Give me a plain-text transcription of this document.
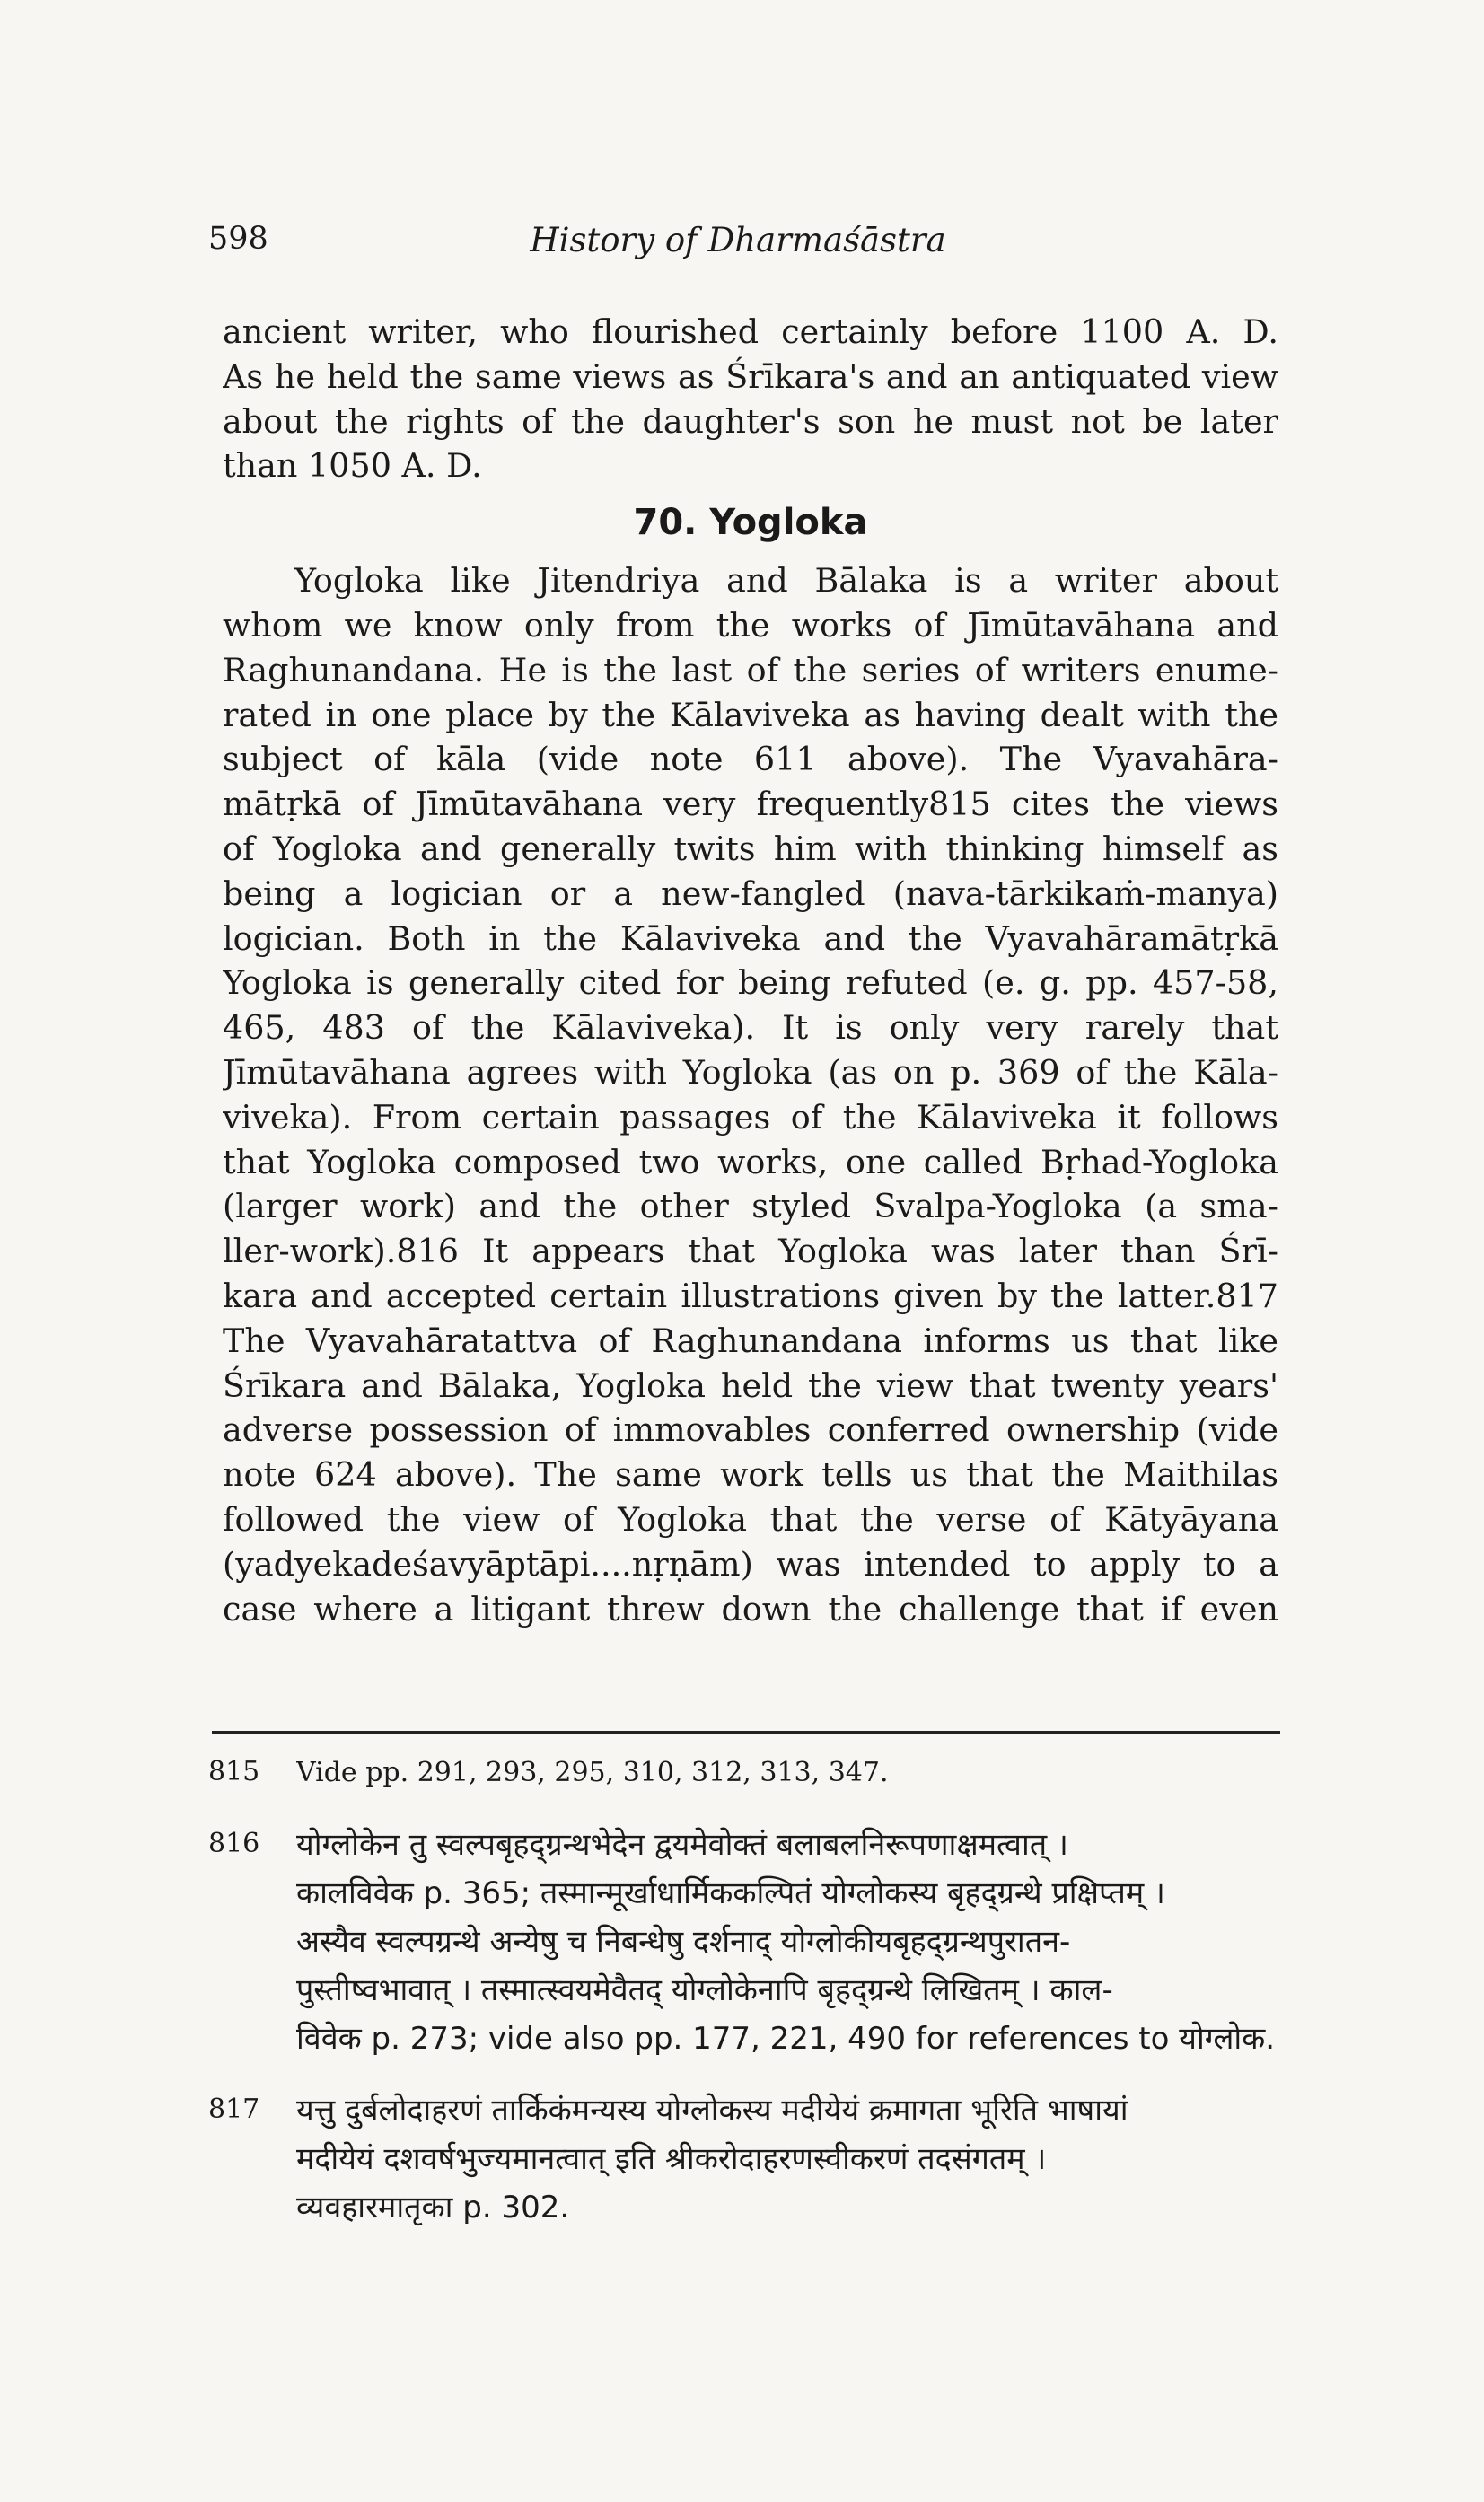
598	History of Dharmaśāstra
ancient writer, who flourished certainly before 1100 A. D.
As he held the same views as Śrīkara's and an antiquated view
about the rights of the daughter's son he must not be later
than 1050 A. D.
70. Yogloka
Yogloka like Jitendriya and Bālaka is a writer about
whom we know only from the works of Jīmūtavāhana and
Raghunandana. He is the last of the series of writers enume-
rated in one place by the Kālaviveka as having dealt with the
subject of kāla (vide note 611 above). The Vyavahāra-
mātṛkā of Jīmūtavāhana very frequently815 cites the views
of Yogloka and generally twits him with thinking himself as
being a logician or a new-fangled (nava-tārkikaṁ-manya)
logician. Both in the Kālaviveka and the Vyavahāramātṛkā
Yogloka is generally cited for being refuted (e. g. pp. 457-58,
465, 483 of the Kālaviveka). It is only very rarely that
Jīmūtavāhana agrees with Yogloka (as on p. 369 of the Kāla-
viveka). From certain passages of the Kālaviveka it follows
that Yogloka composed two works, one called Bṛhad-Yogloka
(larger work) and the other styled Svalpa-Yogloka (a sma-
ller-work).816 It appears that Yogloka was later than Śrī-
kara and accepted certain illustrations given by the latter.817
The Vyavahāratattva of Raghunandana informs us that like
Śrīkara and Bālaka, Yogloka held the view that twenty years'
adverse possession of immovables conferred ownership (vide
note 624 above). The same work tells us that the Maithilas
followed the view of Yogloka that the verse of Kātyāyana
(yadyekadeśavyāptāpi....nṛṇām) was intended to apply to a
case where a litigant threw down the challenge that if even
815 Vide pp. 291, 293, 295, 310, 312, 313, 347.
816 योग्लोकेन तु स्वल्पबृहद्ग्रन्थभेदेन द्वयमेवोक्तं बलाबलनिरूपणाक्षमत्वात् ।
कालविवेक p. 365; तस्मान्मूर्खाधार्मिककल्पितं योग्लोकस्य बृहद्ग्रन्थे प्रक्षिप्तम् ।
अस्यैव स्वल्पग्रन्थे अन्येषु च निबन्धेषु दर्शनाद् योग्लोकीयबृहद्ग्रन्थपुरातन-
पुस्तीष्वभावात् । तस्मात्स्वयमेवैतद् योग्लोकेनापि बृहद्ग्रन्थे लिखितम् । काल-
विवेक p. 273; vide also pp. 177, 221, 490 for references to योग्लोक.
817 यत्तु दुर्बलोदाहरणं तार्किकंमन्यस्य योग्लोकस्य मदीयेयं क्रमागता भूरिति भाषायां
मदीयेयं दशवर्षभुज्यमानत्वात् इति श्रीकरोदाहरणस्वीकरणं तदसंगतम् ।
व्यवहारमातृका p. 302.
